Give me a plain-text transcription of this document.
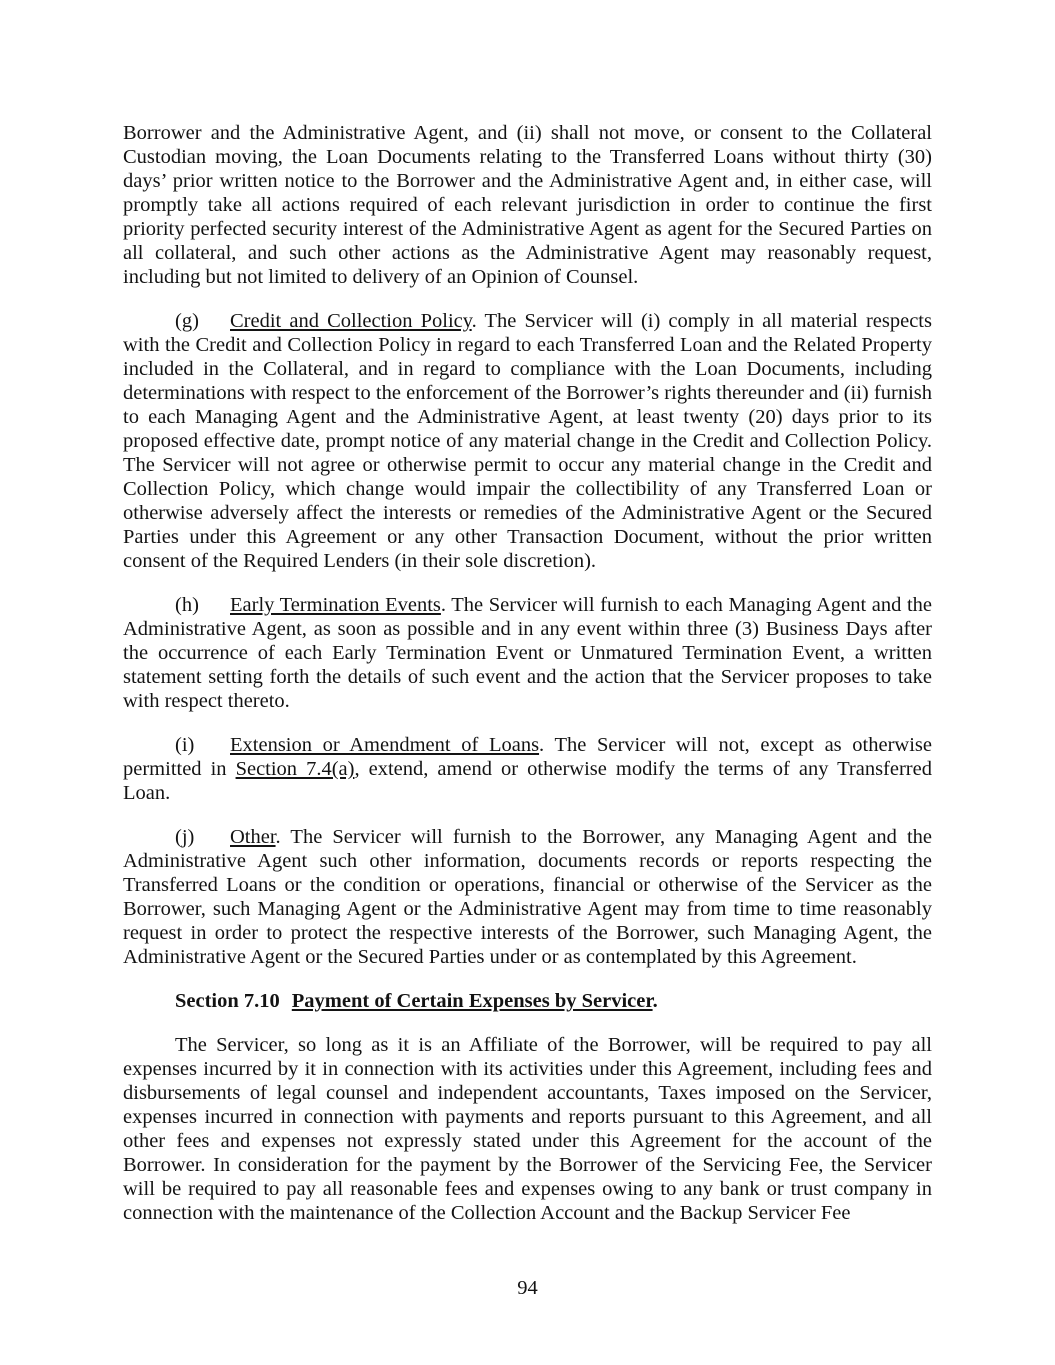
Borrower and the Administrative Agent, and (ii) shall not move, or consent to the Collateral Custodian moving, the Loan Documents relating to the Transferred Loans without thirty (30) days’ prior written notice to the Borrower and the Administrative Agent and, in either case, will promptly take all actions required of each relevant jurisdiction in order to continue the first priority perfected security interest of the Administrative Agent as agent for the Secured Parties on all collateral, and such other actions as the Administrative Agent may reasonably request, including but not limited to delivery of an Opinion of Counsel.

(g) Credit and Collection Policy. The Servicer will (i) comply in all material respects with the Credit and Collection Policy in regard to each Transferred Loan and the Related Property included in the Collateral, and in regard to compliance with the Loan Documents, including determinations with respect to the enforcement of the Borrower’s rights thereunder and (ii) furnish to each Managing Agent and the Administrative Agent, at least twenty (20) days prior to its proposed effective date, prompt notice of any material change in the Credit and Collection Policy. The Servicer will not agree or otherwise permit to occur any material change in the Credit and Collection Policy, which change would impair the collectibility of any Transferred Loan or otherwise adversely affect the interests or remedies of the Administrative Agent or the Secured Parties under this Agreement or any other Transaction Document, without the prior written consent of the Required Lenders (in their sole discretion).

(h) Early Termination Events. The Servicer will furnish to each Managing Agent and the Administrative Agent, as soon as possible and in any event within three (3) Business Days after the occurrence of each Early Termination Event or Unmatured Termination Event, a written statement setting forth the details of such event and the action that the Servicer proposes to take with respect thereto.

(i) Extension or Amendment of Loans. The Servicer will not, except as otherwise permitted in Section 7.4(a), extend, amend or otherwise modify the terms of any Transferred Loan.

(j) Other. The Servicer will furnish to the Borrower, any Managing Agent and the Administrative Agent such other information, documents records or reports respecting the Transferred Loans or the condition or operations, financial or otherwise of the Servicer as the Borrower, such Managing Agent or the Administrative Agent may from time to time reasonably request in order to protect the respective interests of the Borrower, such Managing Agent, the Administrative Agent or the Secured Parties under or as contemplated by this Agreement.

Section 7.10 Payment of Certain Expenses by Servicer.

The Servicer, so long as it is an Affiliate of the Borrower, will be required to pay all expenses incurred by it in connection with its activities under this Agreement, including fees and disbursements of legal counsel and independent accountants, Taxes imposed on the Servicer, expenses incurred in connection with payments and reports pursuant to this Agreement, and all other fees and expenses not expressly stated under this Agreement for the account of the Borrower. In consideration for the payment by the Borrower of the Servicing Fee, the Servicer will be required to pay all reasonable fees and expenses owing to any bank or trust company in connection with the maintenance of the Collection Account and the Backup Servicer Fee

94
